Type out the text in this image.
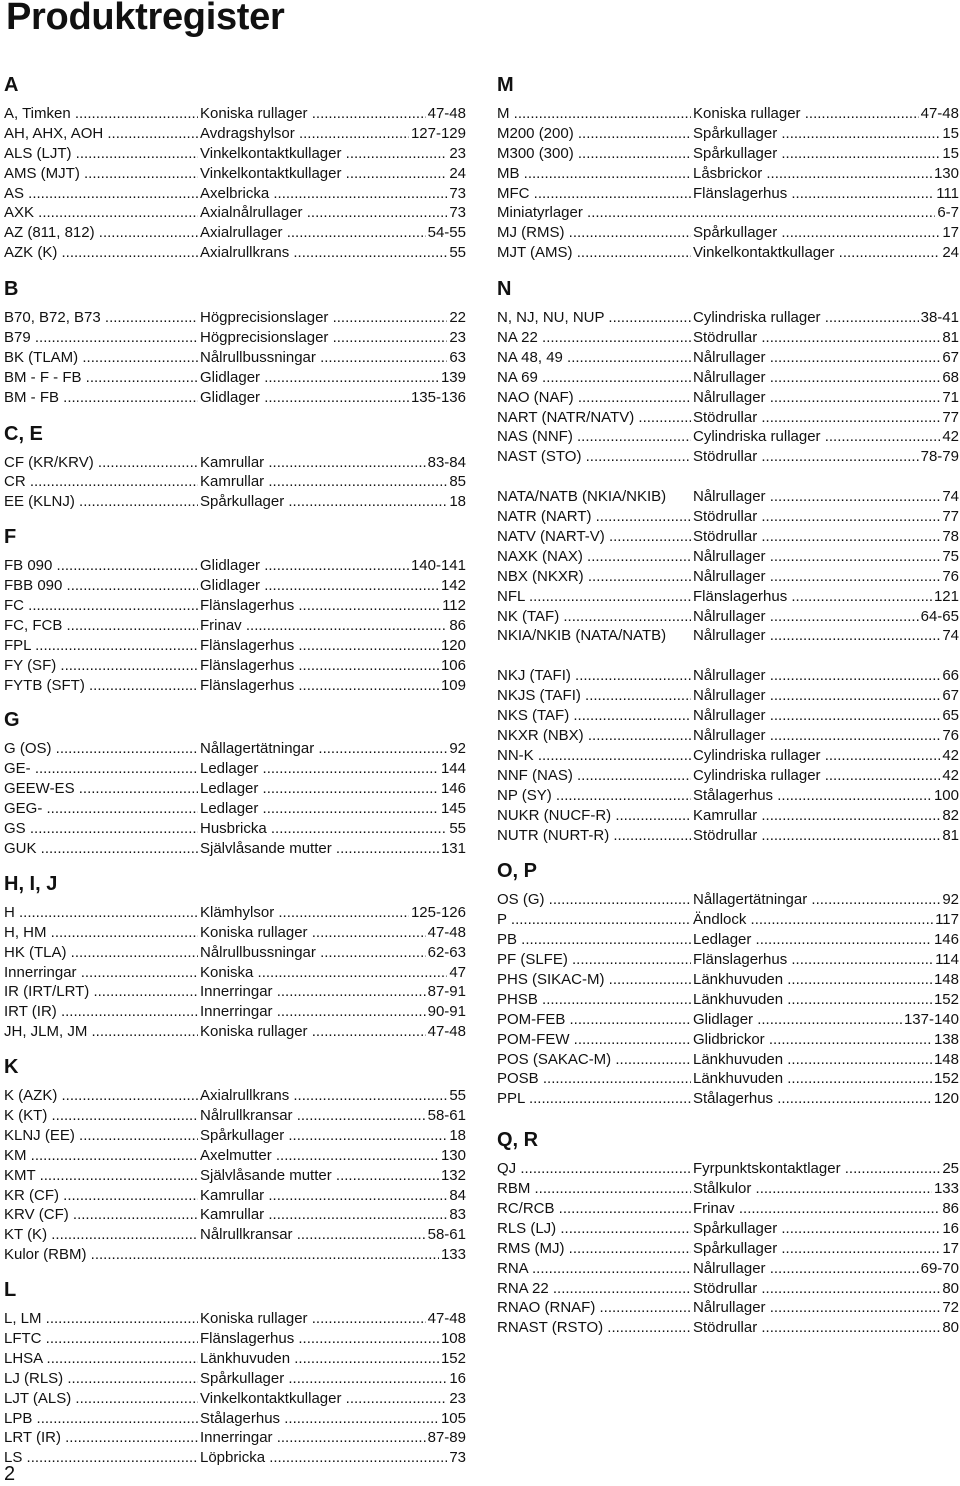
Produktregister
A
A, Timken .....	Koniska rullager .....	47-48
AH, AHX, AOH .....	Avdragshylsor .....	127-129
ALS (LJT) .....	Vinkelkontaktkullager .....	23
AMS (MJT) .....	Vinkelkontaktkullager .....	24
AS .....	Axelbricka .....	73
AXK .....	Axialnålrullager .....	73
AZ (811, 812) .....	Axialrullager .....	54-55
AZK (K) .....	Axialrullkrans .....	55
B
B70, B72, B73 .....	Högprecisionslager .....	22
B79 .....	Högprecisionslager .....	23
BK (TLAM) .....	Nålrullbussningar .....	63
BM - F - FB .....	Glidlager .....	139
BM - FB .....	Glidlager .....	135-136
C, E
CF (KR/KRV) .....	Kamrullar .....	83-84
CR .....	Kamrullar .....	85
EE (KLNJ) .....	Spårkullager .....	18
F
FB 090 .....	Glidlager .....	140-141
FBB 090 .....	Glidlager .....	142
FC .....	Flänslagerhus .....	112
FC, FCB .....	Frinav .....	86
FPL .....	Flänslagerhus .....	120
FY (SF) .....	Flänslagerhus .....	106
FYTB (SFT) .....	Flänslagerhus .....	109
G
G (OS) .....	Nållagertätningar .....	92
GE- .....	Ledlager .....	144
GEEW-ES .....	Ledlager .....	146
GEG- .....	Ledlager .....	145
GS .....	Husbricka .....	55
GUK .....	Självlåsande mutter .....	131
H, I, J
H .....	Klämhylsor .....	125-126
H, HM .....	Koniska rullager .....	47-48
HK (TLA) .....	Nålrullbussningar .....	62-63
Innerringar .....	Koniska .....	47
IR (IRT/LRT) .....	Innerringar .....	87-91
IRT (IR) .....	Innerringar .....	90-91
JH, JLM, JM .....	Koniska rullager .....	47-48
K
K (AZK) .....	Axialrullkrans .....	55
K (KT) .....	Nålrullkransar .....	58-61
KLNJ (EE) .....	Spårkullager .....	18
KM .....	Axelmutter .....	130
KMT .....	Självlåsande mutter .....	132
KR (CF) .....	Kamrullar .....	84
KRV (CF) .....	Kamrullar .....	83
KT (K) .....	Nålrullkransar .....	58-61
Kulor (RBM) .....	133
L
L, LM .....	Koniska rullager .....	47-48
LFTC .....	Flänslagerhus .....	108
LHSA .....	Länkhuvuden .....	152
LJ (RLS) .....	Spårkullager .....	16
LJT (ALS) .....	Vinkelkontaktkullager .....	23
LPB .....	Stålagerhus .....	105
LRT (IR) .....	Innerringar .....	87-89
LS .....	Löpbricka .....	73
M
M .....	Koniska rullager .....	47-48
M200 (200) .....	Spårkullager .....	15
M300 (300) .....	Spårkullager .....	15
MB .....	Låsbrickor .....	130
MFC .....	Flänslagerhus .....	111
Miniatyrlager .....	6-7
MJ (RMS) .....	Spårkullager .....	17
MJT (AMS) .....	Vinkelkontaktkullager .....	24
N
N, NJ, NU, NUP .....	Cylindriska rullager .....	38-41
NA 22 .....	Stödrullar .....	81
NA 48, 49 .....	Nålrullager .....	67
NA 69 .....	Nålrullager .....	68
NAO (NAF) .....	Nålrullager .....	71
NART (NATR/NATV) .....	Stödrullar .....	77
NAS (NNF) .....	Cylindriska rullager .....	42
NAST (STO) .....	Stödrullar .....	78-79
NATA/NATB (NKIA/NKIB)	Nålrullager .....	74
NATR (NART) .....	Stödrullar .....	77
NATV (NART-V) .....	Stödrullar .....	78
NAXK (NAX) .....	Nålrullager .....	75
NBX (NKXR) .....	Nålrullager .....	76
NFL .....	Flänslagerhus .....	121
NK (TAF) .....	Nålrullager .....	64-65
NKIA/NKIB (NATA/NATB)	Nålrullager .....	74
NKJ (TAFI) .....	Nålrullager .....	66
NKJS (TAFI) .....	Nålrullager .....	67
NKS (TAF) .....	Nålrullager .....	65
NKXR (NBX) .....	Nålrullager .....	76
NN-K .....	Cylindriska rullager .....	42
NNF (NAS) .....	Cylindriska rullager .....	42
NP (SY) .....	Stålagerhus .....	100
NUKR (NUCF-R) .....	Kamrullar .....	82
NUTR (NURT-R) .....	Stödrullar .....	81
O, P
OS (G) .....	Nållagertätningar .....	92
P .....	Ändlock .....	117
PB .....	Ledlager .....	146
PF (SLFE) .....	Flänslagerhus .....	114
PHS (SIKAC-M) .....	Länkhuvuden .....	148
PHSB .....	Länkhuvuden .....	152
POM-FEB .....	Glidlager .....	137-140
POM-FEW .....	Glidbrickor .....	138
POS (SAKAC-M) .....	Länkhuvuden .....	148
POSB .....	Länkhuvuden .....	152
PPL .....	Stålagerhus .....	120
Q, R
QJ .....	Fyrpunktskontaktlager .....	25
RBM .....	Stålkulor .....	133
RC/RCB .....	Frinav .....	86
RLS (LJ) .....	Spårkullager .....	16
RMS (MJ) .....	Spårkullager .....	17
RNA .....	Nålrullager .....	69-70
RNA 22 .....	Stödrullar .....	80
RNAO (RNAF) .....	Nålrullager .....	72
RNAST (RSTO) .....	Stödrullar .....	80
2
